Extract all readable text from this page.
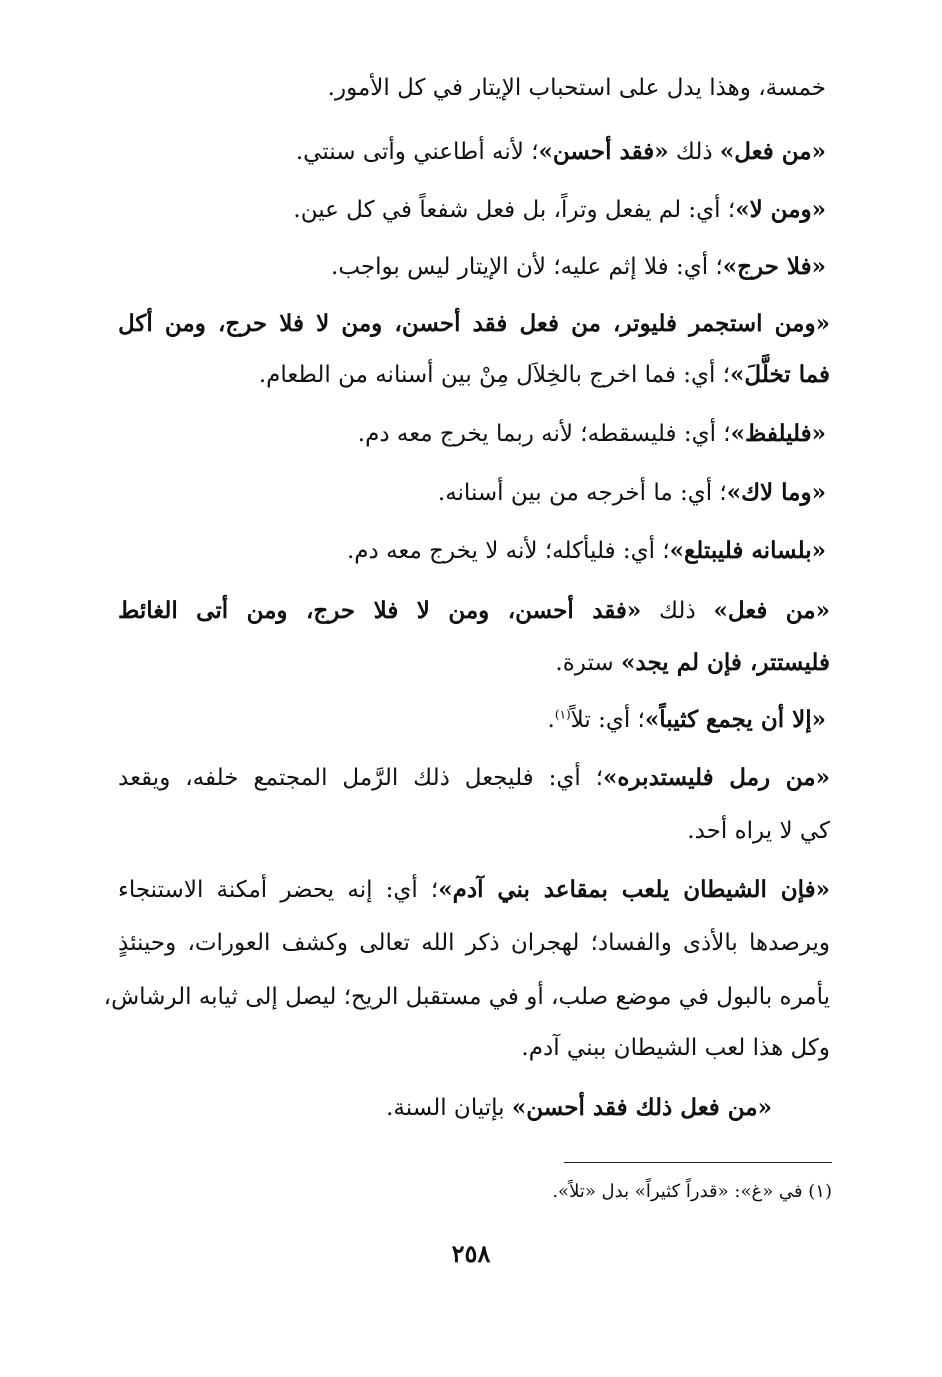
خمسة، وهذا يدل على استحباب الإيتار في كل الأمور.
«من فعل» ذلك «فقد أحسن»؛ لأنه أطاعني وأتى سنتي.
«ومن لا»؛ أي: لم يفعل وتراً، بل فعل شفعاً في كل عين.
«فلا حرج»؛ أي: فلا إثم عليه؛ لأن الإيتار ليس بواجب.
«ومن استجمر فليوتر، من فعل فقد أحسن، ومن لا فلا حرج، ومن أكل
فما تخلَّلَ»؛ أي: فما اخرج بالخِلاَل مِنْ بين أسنانه من الطعام.
«فليلفظ»؛ أي: فليسقطه؛ لأنه ربما يخرج معه دم.
«وما لاك»؛ أي: ما أخرجه من بين أسنانه.
«بلسانه فليبتلع»؛ أي: فليأكله؛ لأنه لا يخرج معه دم.
«من فعل» ذلك «فقد أحسن، ومن لا فلا حرج، ومن أتى الغائط
فليستتر، فإن لم يجد» سترة.
«إلا أن يجمع كثيباً»؛ أي: تلاً$^{(١)}$.
«من رمل فليستدبره»؛ أي: فليجعل ذلك الرَّمل المجتمع خلفه، ويقعد
كي لا يراه أحد.
«فإن الشيطان يلعب بمقاعد بني آدم»؛ أي: إنه يحضر أمكنة الاستنجاء
ويرصدها بالأذى والفساد؛ لهجران ذكر الله تعالى وكشف العورات، وحينئذٍ
يأمره بالبول في موضع صلب، أو في مستقبل الريح؛ ليصل إلى ثيابه الرشاش،
وكل هذا لعب الشيطان ببني آدم.
«من فعل ذلك فقد أحسن» بإتيان السنة.
(١) في «غ»: «قدراً كثيراً» بدل «تلاً».
٢٥٨
